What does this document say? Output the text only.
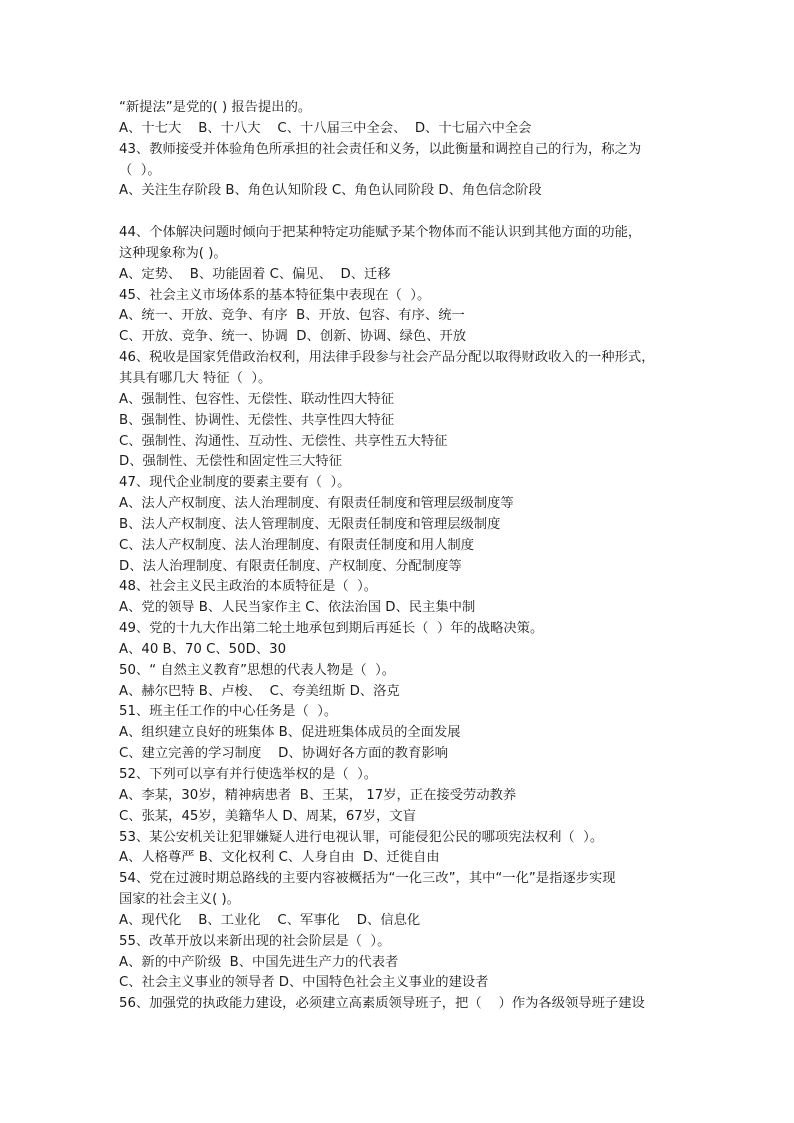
“新提法”是党的( ) 报告提出的。
A、十七大    B、十八大    C、十八届三中全会、  D、十七届六中全会
43、教师接受并体验角色所承担的社会责任和义务，以此衡量和调控自己的行为，称之为
（  ）。
A、关注生存阶段 B、角色认知阶段 C、角色认同阶段 D、角色信念阶段
44、个体解决问题时倾向于把某种特定功能赋予某个物体而不能认识到其他方面的功能，
这种现象称为( )。
A、定势、  B、功能固着 C、偏见、  D、迁移
45、社会主义市场体系的基本特征集中表现在（  ）。
A、统一、开放、竞争、有序  B、开放、包容、有序、统一
C、开放、竞争、统一、协调  D、创新、协调、绿色、开放
46、税收是国家凭借政治权利，用法律手段参与社会产品分配以取得财政收入的一种形式，
其具有哪几大 特征（  ）。
A、强制性、包容性、无偿性、联动性四大特征
B、强制性、协调性、无偿性、共享性四大特征
C、强制性、沟通性、互动性、无偿性、共享性五大特征
D、强制性、无偿性和固定性三大特征
47、现代企业制度的要素主要有（  ）。
A、法人产权制度、法人治理制度、有限责任制度和管理层级制度等
B、法人产权制度、法人管理制度、无限责任制度和管理层级制度
C、法人产权制度、法人治理制度、有限责任制度和用人制度
D、法人治理制度、有限责任制度、产权制度、分配制度等
48、社会主义民主政治的本质特征是（  ）。
A、党的领导 B、人民当家作主 C、依法治国 D、民主集中制
49、党的十九大作出第二轮土地承包到期后再延长（  ）年的战略决策。
A、40 B、70 C、50D、30
50、“ 自然主义教育”思想的代表人物是（  ）。
A、赫尔巴特 B、卢梭、  C、夸美纽斯 D、洛克
51、班主任工作的中心任务是（  ）。
A、组织建立良好的班集体 B、促进班集体成员的全面发展
C、建立完善的学习制度    D、协调好各方面的教育影响
52、下列可以享有并行使选举权的是（  ）。
A、李某，30岁，精神病患者  B、王某， 17岁，正在接受劳动教养
C、张某，45岁，美籍华人 D、周某，67岁，文盲
53、某公安机关让犯罪嫌疑人进行电视认罪，可能侵犯公民的哪项宪法权利（  ）。
A、人格尊严 B、文化权利 C、人身自由  D、迁徙自由
54、党在过渡时期总路线的主要内容被概括为“一化三改”，其中“一化”是指逐步实现
国家的社会主义( )。
A、现代化    B、工业化    C、军事化    D、信息化
55、改革开放以来新出现的社会阶层是（  ）。
A、新的中产阶级  B、中国先进生产力的代表者
C、社会主义事业的领导者 D、中国特色社会主义事业的建设者
56、加强党的执政能力建设，必须建立高素质领导班子，把（    ）作为各级领导班子建设
